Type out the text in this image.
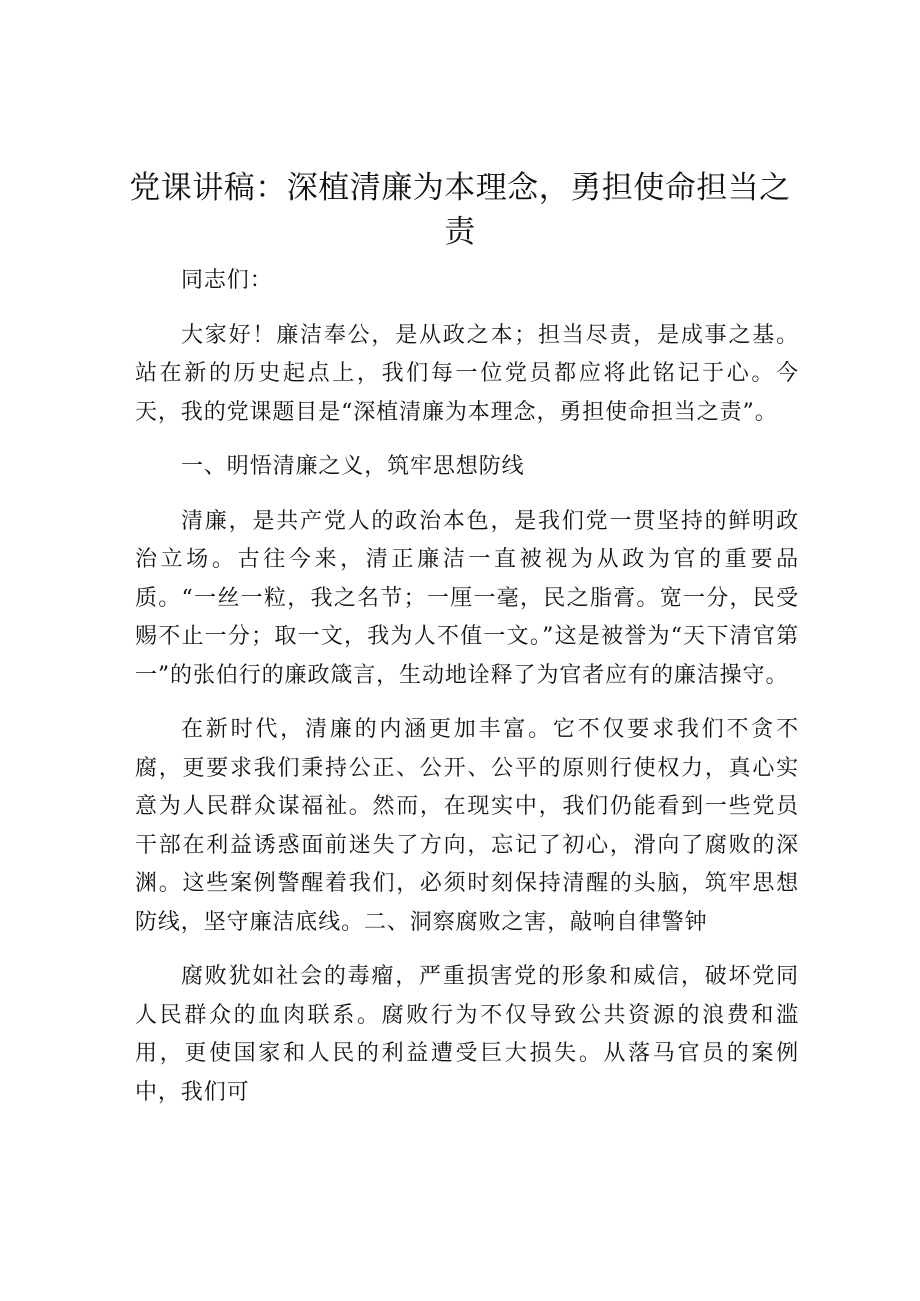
党课讲稿：深植清廉为本理念，勇担使命担当之责

同志们：

大家好！廉洁奉公，是从政之本；担当尽责，是成事之基。站在新的历史起点上，我们每一位党员都应将此铭记于心。今天，我的党课题目是“深植清廉为本理念，勇担使命担当之责”。

一、明悟清廉之义，筑牢思想防线

清廉，是共产党人的政治本色，是我们党一贯坚持的鲜明政治立场。古往今来，清正廉洁一直被视为从政为官的重要品质。“一丝一粒，我之名节；一厘一毫，民之脂膏。宽一分，民受赐不止一分；取一文，我为人不值一文。”这是被誉为“天下清官第一”的张伯行的廉政箴言，生动地诠释了为官者应有的廉洁操守。

在新时代，清廉的内涵更加丰富。它不仅要求我们不贪不腐，更要求我们秉持公正、公开、公平的原则行使权力，真心实意为人民群众谋福祉。然而，在现实中，我们仍能看到一些党员干部在利益诱惑面前迷失了方向，忘记了初心，滑向了腐败的深渊。这些案例警醒着我们，必须时刻保持清醒的头脑，筑牢思想防线，坚守廉洁底线。二、洞察腐败之害，敲响自律警钟

腐败犹如社会的毒瘤，严重损害党的形象和威信，破坏党同人民群众的血肉联系。腐败行为不仅导致公共资源的浪费和滥用，更使国家和人民的利益遭受巨大损失。从落马官员的案例中，我们可
